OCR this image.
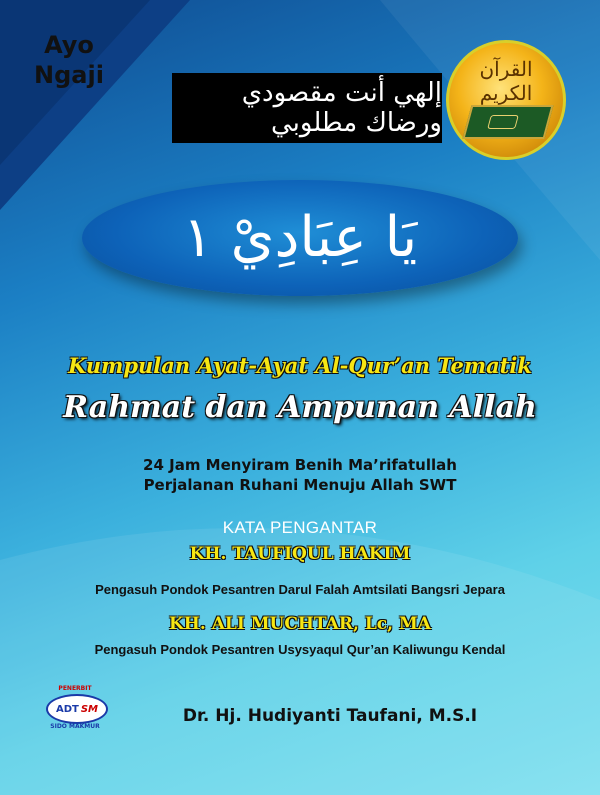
Ayo
Ngaji
إلهي أنت مقصودي ورضاك مطلوبي
القرآن الكريم
يَا عِبَادِيْ ١
Kumpulan Ayat-Ayat Al-Qur’an Tematik
Rahmat dan Ampunan Allah
24 Jam Menyiram Benih Ma’rifatullah
Perjalanan Ruhani Menuju Allah SWT
KATA PENGANTAR
KH. TAUFIQUL HAKIM
Pengasuh Pondok Pesantren Darul Falah Amtsilati Bangsri Jepara
KH. ALI MUCHTAR, Lc, MA
Pengasuh Pondok Pesantren Usysyaqul Qur’an Kaliwungu Kendal
PENERBIT
ADT SM
SIDO MAKMUR
Dr. Hj. Hudiyanti Taufani, M.S.I
